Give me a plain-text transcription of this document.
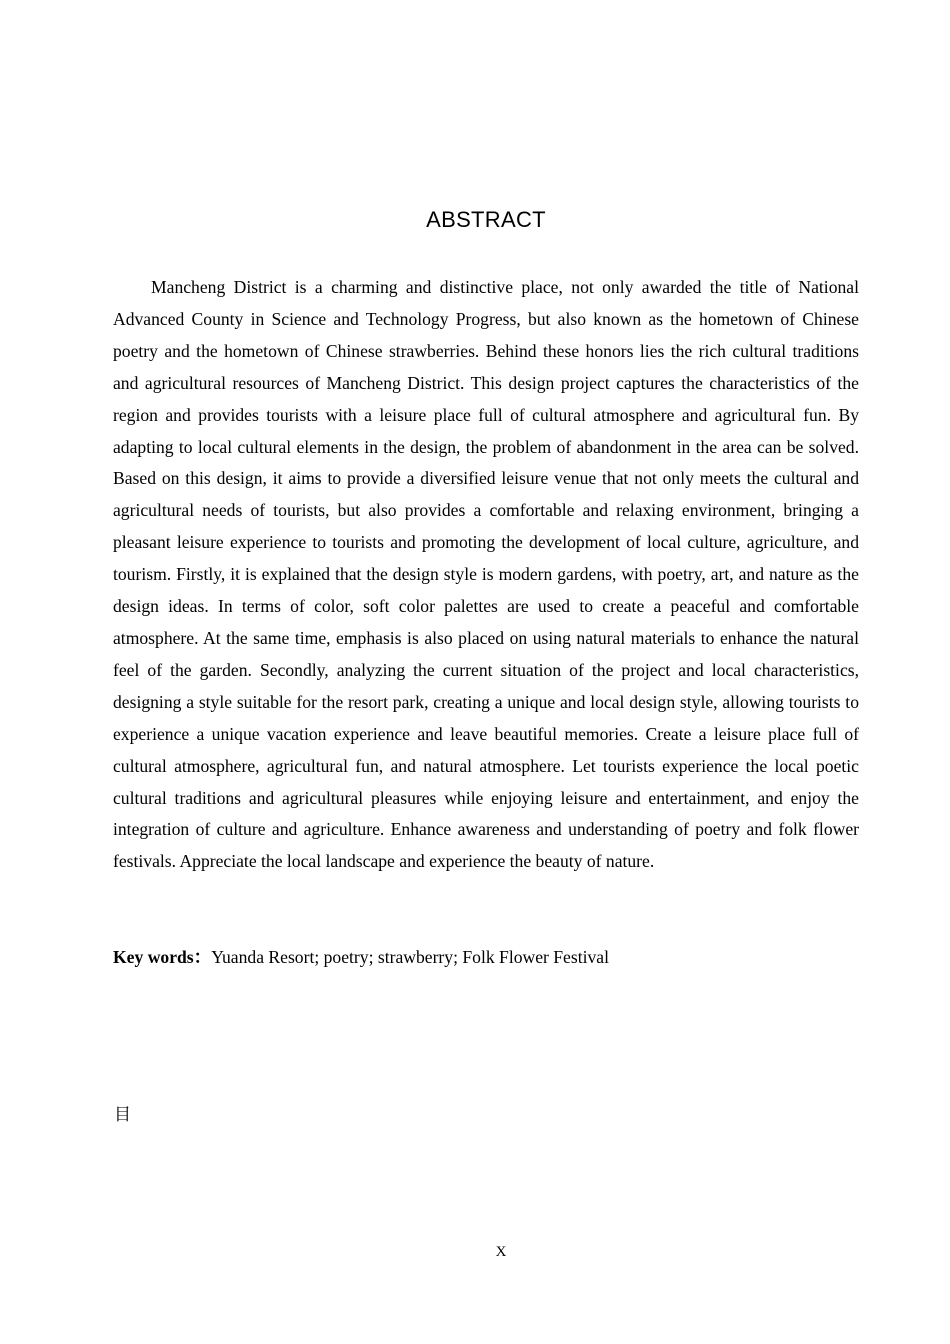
ABSTRACT

Mancheng District is a charming and distinctive place, not only awarded the title of National Advanced County in Science and Technology Progress, but also known as the hometown of Chinese poetry and the hometown of Chinese strawberries. Behind these honors lies the rich cultural traditions and agricultural resources of Mancheng District. This design project captures the characteristics of the region and provides tourists with a leisure place full of cultural atmosphere and agricultural fun. By adapting to local cultural elements in the design, the problem of abandonment in the area can be solved. Based on this design, it aims to provide a diversified leisure venue that not only meets the cultural and agricultural needs of tourists, but also provides a comfortable and relaxing environment, bringing a pleasant leisure experience to tourists and promoting the development of local culture, agriculture, and tourism. Firstly, it is explained that the design style is modern gardens, with poetry, art, and nature as the design ideas. In terms of color, soft color palettes are used to create a peaceful and comfortable atmosphere. At the same time, emphasis is also placed on using natural materials to enhance the natural feel of the garden. Secondly, analyzing the current situation of the project and local characteristics, designing a style suitable for the resort park, creating a unique and local design style, allowing tourists to experience a unique vacation experience and leave beautiful memories. Create a leisure place full of cultural atmosphere, agricultural fun, and natural atmosphere. Let tourists experience the local poetic cultural traditions and agricultural pleasures while enjoying leisure and entertainment, and enjoy the integration of culture and agriculture. Enhance awareness and understanding of poetry and folk flower festivals. Appreciate the local landscape and experience the beauty of nature.

Key words：Yuanda Resort; poetry; strawberry; Folk Flower Festival

目
X
